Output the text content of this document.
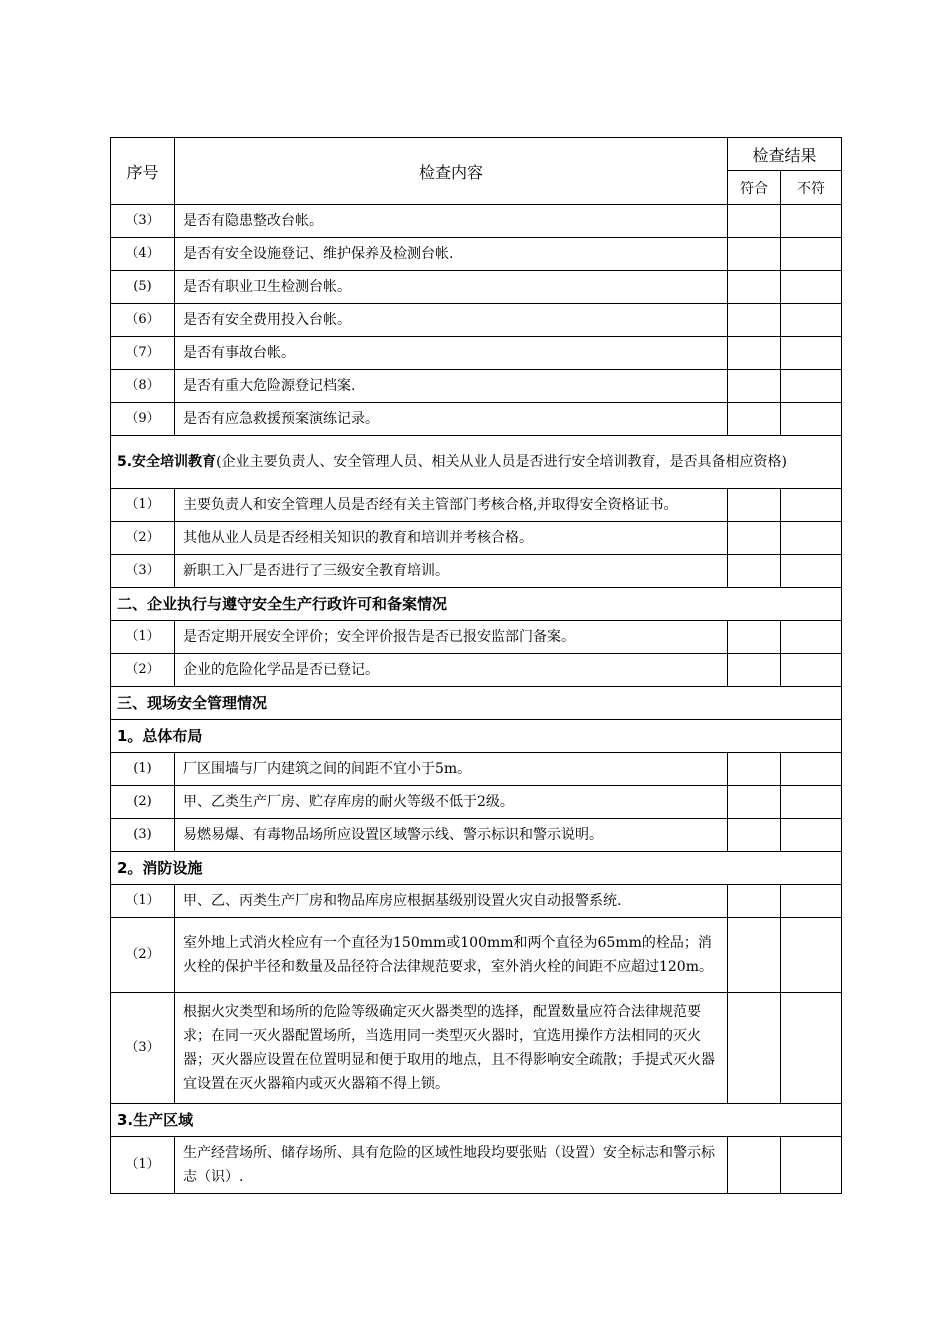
序号	检查内容	检查结果	
		符合	不符
（3）	是否有隐患整改台帐。		
（4）	是否有安全设施登记、维护保养及检测台帐.		
(5)	是否有职业卫生检测台帐。		
（6）	是否有安全费用投入台帐。		
（7）	是否有事故台帐。		
（8）	是否有重大危险源登记档案.		
（9）	是否有应急救援预案演练记录。		
5.安全培训教育(企业主要负责人、安全管理人员、相关从业人员是否进行安全培训教育，是否具备相应资格)			
（1）	主要负责人和安全管理人员是否经有关主管部门考核合格,并取得安全资格证书。		

（2）	其他从业人员是否经相关知识的教育和培训并考核合格。		
（3）	新职工入厂是否进行了三级安全教育培训。		
二、企业执行与遵守安全生产行政许可和备案情况			
（1）	是否定期开展安全评价；安全评价报告是否已报安监部门备案。		
（2）	企业的危险化学品是否已登记。		
三、现场安全管理情况			
1。总体布局			
(1)	厂区围墙与厂内建筑之间的间距不宜小于5m。		
(2)	甲、乙类生产厂房、贮存库房的耐火等级不低于2级。		
(3)	易燃易爆、有毒物品场所应设置区域警示线、警示标识和警示说明。		
2。消防设施			
（1）	甲、乙、丙类生产厂房和物品库房应根据基级别设置火灾自动报警系统.		
（2）	室外地上式消火栓应有一个直径为150mm或100mm和两个直径为65mm的栓品；消火栓的保护半径和数量及品径符合法律规范要求，室外消火栓的间距不应超过120m。		
（3）	根据火灾类型和场所的危险等级确定灭火器类型的选择，配置数量应符合法律规范要求；在同一灭火器配置场所，当选用同一类型灭火器时，宜选用操作方法相同的灭火器；灭火器应设置在位置明显和便于取用的地点，且不得影响安全疏散；手提式灭火器宜设置在灭火器箱内或灭火器箱不得上锁。		
3.生产区域			
（1）	生产经营场所、储存场所、具有危险的区域性地段均要张贴（设置）安全标志和警示标志（识）.		
